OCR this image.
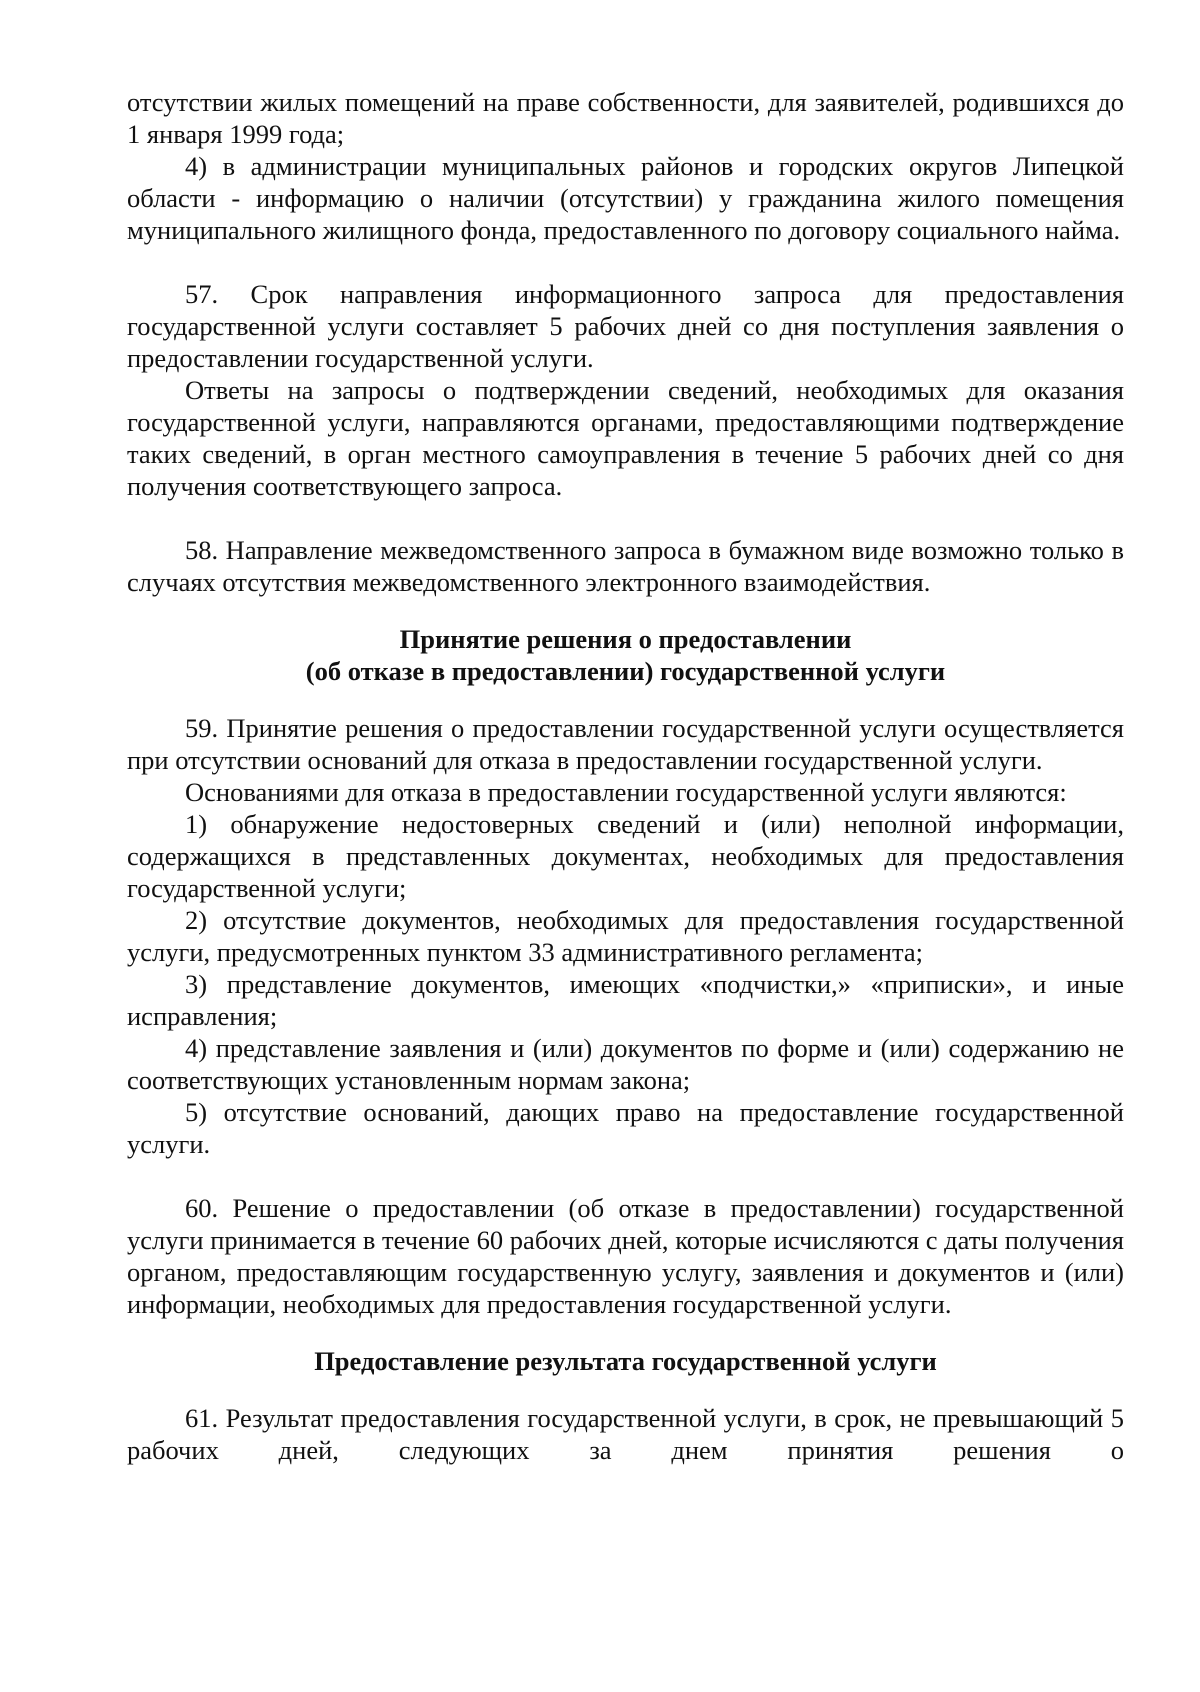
отсутствии жилых помещений на праве собственности, для заявителей, родившихся до 1 января 1999 года;

4) в администрации муниципальных районов и городских округов Липецкой области - информацию о наличии (отсутствии) у гражданина жилого помещения муниципального жилищного фонда, предоставленного по договору социального найма.

57. Срок направления информационного запроса для предоставления государственной услуги составляет 5 рабочих дней со дня поступления заявления о предоставлении государственной услуги.

Ответы на запросы о подтверждении сведений, необходимых для оказания государственной услуги, направляются органами, предоставляющими подтверждение таких сведений, в орган местного самоуправления в течение 5 рабочих дней со дня получения соответствующего запроса.

58. Направление межведомственного запроса в бумажном виде возможно только в случаях отсутствия межведомственного электронного взаимодействия.

Принятие решения о предоставлении
(об отказе в предоставлении) государственной услуги

59. Принятие решения о предоставлении государственной услуги осуществляется при отсутствии оснований для отказа в предоставлении государственной услуги.

Основаниями для отказа в предоставлении государственной услуги являются:

1) обнаружение недостоверных сведений и (или) неполной информации, содержащихся в представленных документах, необходимых для предоставления государственной услуги;

2) отсутствие документов, необходимых для предоставления государственной услуги, предусмотренных пунктом 33 административного регламента;

3) представление документов, имеющих «подчистки,» «приписки», и иные исправления;

4) представление заявления и (или) документов по форме и (или) содержанию не соответствующих установленным нормам закона;

5) отсутствие оснований, дающих право на предоставление государственной услуги.

60. Решение о предоставлении (об отказе в предоставлении) государственной услуги принимается в течение 60 рабочих дней, которые исчисляются с даты получения органом, предоставляющим государственную услугу, заявления и документов и (или) информации, необходимых для предоставления государственной услуги.

Предоставление результата государственной услуги

61. Результат предоставления государственной услуги, в срок, не превышающий 5 рабочих дней, следующих за днем принятия решения о
